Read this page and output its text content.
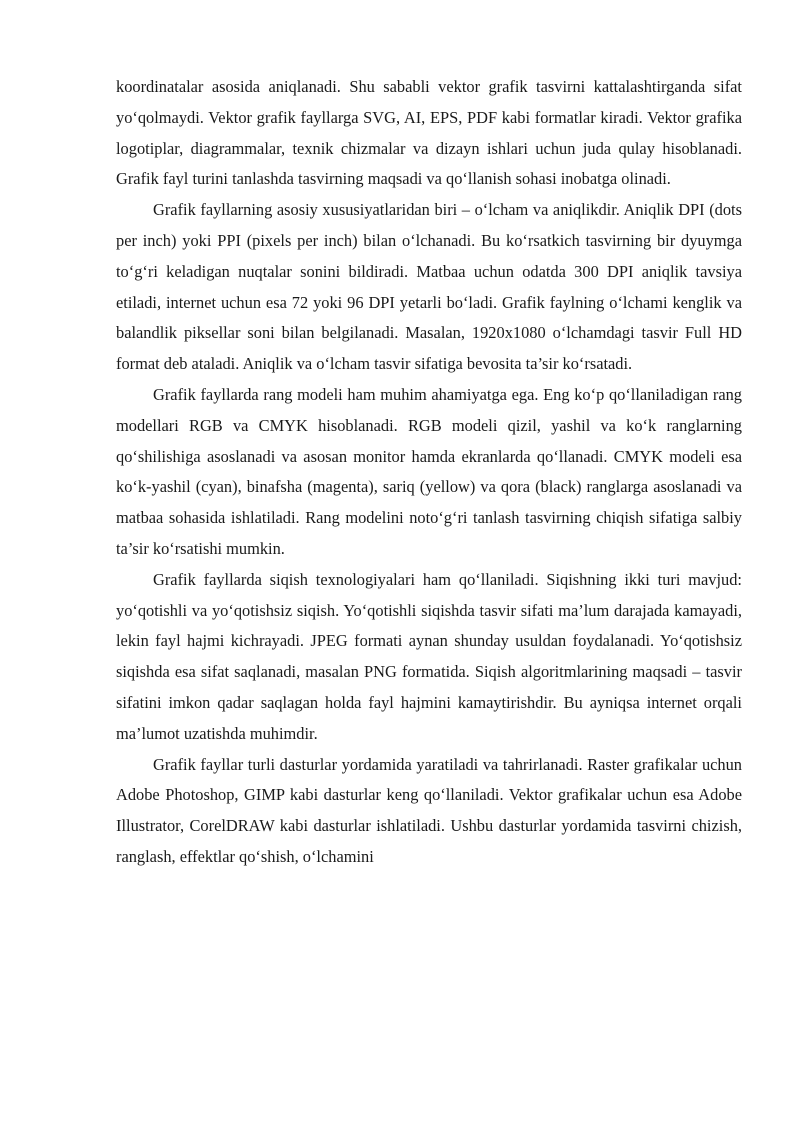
koordinatalar asosida aniqlanadi. Shu sababli vektor grafik tasvirni kattalashtirganda sifat yo‘qolmaydi. Vektor grafik fayllarga SVG, AI, EPS, PDF kabi formatlar kiradi. Vektor grafika logotiplar, diagrammalar, texnik chizmalar va dizayn ishlari uchun juda qulay hisoblanadi. Grafik fayl turini tanlashda tasvirning maqsadi va qo‘llanish sohasi inobatga olinadi.

Grafik fayllarning asosiy xususiyatlaridan biri – o‘lcham va aniqlikdir. Aniqlik DPI (dots per inch) yoki PPI (pixels per inch) bilan o‘lchanadi. Bu ko‘rsatkich tasvirning bir dyuymga to‘g‘ri keladigan nuqtalar sonini bildiradi. Matbaa uchun odatda 300 DPI aniqlik tavsiya etiladi, internet uchun esa 72 yoki 96 DPI yetarli bo‘ladi. Grafik faylning o‘lchami kenglik va balandlik piksellar soni bilan belgilanadi. Masalan, 1920x1080 o‘lchamdagi tasvir Full HD format deb ataladi. Aniqlik va o‘lcham tasvir sifatiga bevosita ta’sir ko‘rsatadi.

Grafik fayllarda rang modeli ham muhim ahamiyatga ega. Eng ko‘p qo‘llaniladigan rang modellari RGB va CMYK hisoblanadi. RGB modeli qizil, yashil va ko‘k ranglarning qo‘shilishiga asoslanadi va asosan monitor hamda ekranlarda qo‘llanadi. CMYK modeli esa ko‘k-yashil (cyan), binafsha (magenta), sariq (yellow) va qora (black) ranglarga asoslanadi va matbaa sohasida ishlatiladi. Rang modelini noto‘g‘ri tanlash tasvirning chiqish sifatiga salbiy ta’sir ko‘rsatishi mumkin.

Grafik fayllarda siqish texnologiyalari ham qo‘llaniladi. Siqishning ikki turi mavjud: yo‘qotishli va yo‘qotishsiz siqish. Yo‘qotishli siqishda tasvir sifati ma’lum darajada kamayadi, lekin fayl hajmi kichrayadi. JPEG formati aynan shunday usuldan foydalanadi. Yo‘qotishsiz siqishda esa sifat saqlanadi, masalan PNG formatida. Siqish algoritmlarining maqsadi – tasvir sifatini imkon qadar saqlagan holda fayl hajmini kamaytirishdir. Bu ayniqsa internet orqali ma’lumot uzatishda muhimdir.

Grafik fayllar turli dasturlar yordamida yaratiladi va tahrirlanadi. Raster grafikalar uchun Adobe Photoshop, GIMP kabi dasturlar keng qo‘llaniladi. Vektor grafikalar uchun esa Adobe Illustrator, CorelDRAW kabi dasturlar ishlatiladi. Ushbu dasturlar yordamida tasvirni chizish, ranglash, effektlar qo‘shish, o‘lchamini
